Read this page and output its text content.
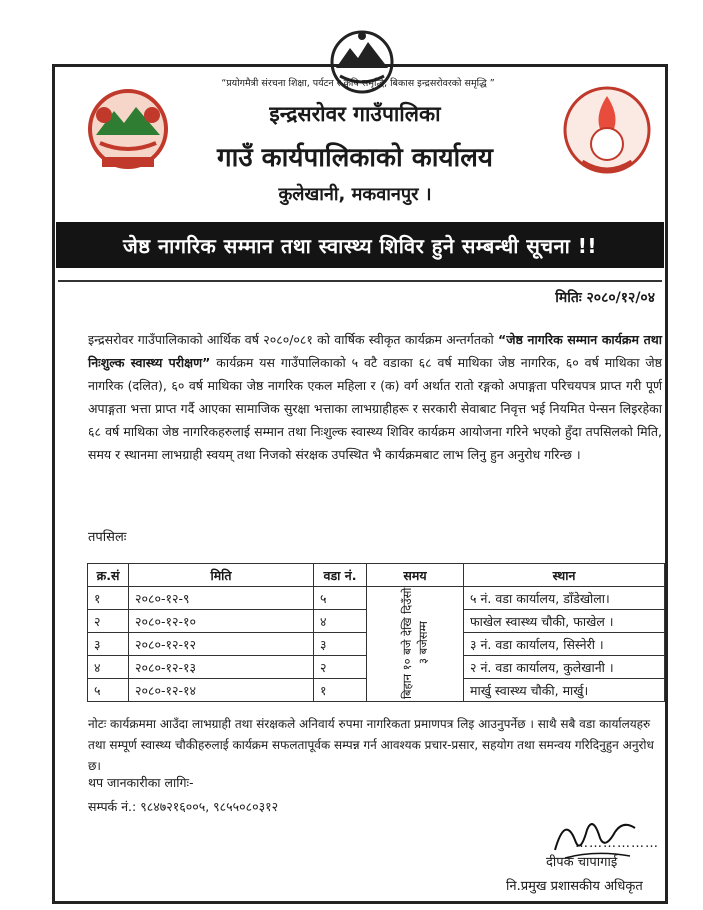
“प्रयोगमैत्री संरचना शिक्षा, पर्यटन र कृषि समृद्धि‚ बिकास इन्द्रसरोवरको समृद्धि ”
इन्द्रसरोवर गाउँपालिका
गाउँ कार्यपालिकाको कार्यालय
कुलेखानी, मकवानपुर ।
जेष्ठ नागरिक सम्मान तथा स्वास्थ्य शिविर हुने सम्बन्धी सूचना !!
मितिः २०८०/१२/०४
इन्द्रसरोवर गाउँपालिकाको आर्थिक वर्ष २०८०/०८१ को वार्षिक स्वीकृत कार्यक्रम अन्तर्गतको “जेष्ठ नागरिक सम्मान कार्यक्रम तथा निःशुल्क स्वास्थ्य परीक्षण” कार्यक्रम यस गाउँपालिकाको ५ वटै वडाका ६८ वर्ष माथिका जेष्ठ नागरिक, ६० वर्ष माथिका जेष्ठ नागरिक (दलित), ६० वर्ष माथिका जेष्ठ नागरिक एकल महिला र (क) वर्ग अर्थात रातो रङ्गको अपाङ्गता परिचयपत्र प्राप्त गरी पूर्ण अपाङ्गता भत्ता प्राप्त गर्दै आएका सामाजिक सुरक्षा भत्ताका लाभग्राहीहरू र सरकारी सेवाबाट निवृत्त भई नियमित पेन्सन लिइरहेका ६८ वर्ष माथिका जेष्ठ नागरिकहरुलाई सम्मान तथा निःशुल्क स्वास्थ्य शिविर कार्यक्रम आयोजना गरिने भएको हुँदा तपसिलको मिति, समय र स्थानमा लाभग्राही स्वयम् तथा निजको संरक्षक उपस्थित भै कार्यक्रमबाट लाभ लिनु हुन अनुरोध गरिन्छ ।
तपसिलः
क्र.सं	मिति	वडा नं.	समय	स्थान
१	२०८०-१२-९	५	बिहान १० बजे देखि दिउँसो ३ बजेसम्म	५ नं. वडा कार्यालय, डाँडेखोला।
२	२०८०-१२-१०	४		फाखेल स्वास्थ्य चौकी, फाखेल ।
३	२०८०-१२-१२	३		३ नं. वडा कार्यालय, सिस्नेरी ।
४	२०८०-१२-१३	२		२ नं. वडा कार्यालय, कुलेखानी ।
५	२०८०-१२-१४	१		मार्खु स्वास्थ्य चौकी, मार्खु।
नोटः कार्यक्रममा आउँदा लाभग्राही तथा संरक्षकले अनिवार्य रुपमा नागरिकता प्रमाणपत्र लिइ आउनुपर्नेछ । साथै सबै वडा कार्यालयहरु तथा सम्पूर्ण स्वास्थ्य चौकीहरुलाई कार्यक्रम सफलतापूर्वक सम्पन्न गर्न आवश्यक प्रचार-प्रसार, सहयोग तथा समन्वय गरिदिनुहुन अनुरोध छ।
थप जानकारीका लागिः-
सम्पर्क नं.: ९८४७२१६००५, ९८५५०८०३१२
………………
दीपक चापागाई
नि.प्रमुख प्रशासकीय अधिकृत
